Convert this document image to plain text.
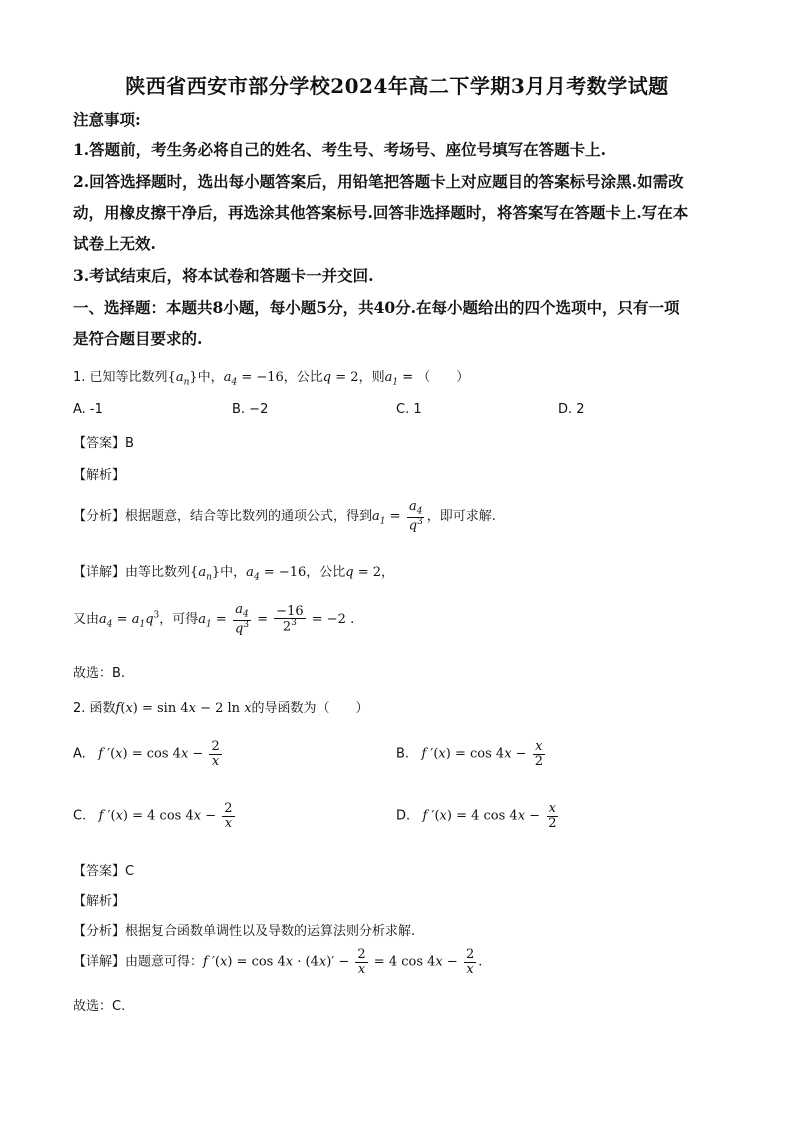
陕西省西安市部分学校2024年高二下学期3月月考数学试题
注意事项:
1.答题前，考生务必将自己的姓名、考生号、考场号、座位号填写在答题卡上.
2.回答选择题时，选出每小题答案后，用铅笔把答题卡上对应题目的答案标号涂黑.如需改
动，用橡皮擦干净后，再选涂其他答案标号.回答非选择题时，将答案写在答题卡上.写在本
试卷上无效.
3.考试结束后，将本试卷和答题卡一并交回.
一、选择题：本题共8小题，每小题5分，共40分.在每小题给出的四个选项中，只有一项
是符合题目要求的.
1. 已知等比数列$\{a_n\}$中，$a_4 = -16$，公比q = 2，则$a_1$ = （　　）
A. -1	B. −2	C. 1	D. 2
【答案】B
【解析】
【分析】根据题意，结合等比数列的通项公式，得到$a_1 = \frac{a_4}{q^3}$ ，即可求解.
【详解】由等比数列$\{a_n\}$中，$a_4 = -16$，公比q = 2，
又由$a_4 = a_1q^3$，可得$a_1 = \frac{a_4}{q^3} = \frac{-16}{2^3} = -2$ .
故选：B.
2. 函数f(x) = sin 4x − 2 ln x的导函数为（　　）
A.   f $'(x) = \cos 4x - \frac{2}{x}$	B.   f $'(x) = \cos 4x - \frac{x}{2}$
C.   f ′(x) = 4 $\cos 4x - \frac{2}{x}$	D.   f ′(x) = 4 $\cos 4x - \frac{x}{2}$
【答案】C
【解析】
【分析】根据复合函数单调性以及导数的运算法则分析求解.
【详解】由题意可得：f $'(x) = \cos 4x \cdot (4x)' - \frac{2}{x} = 4$ $\cos 4x - \frac{2}{x}$ .
故选：C.
